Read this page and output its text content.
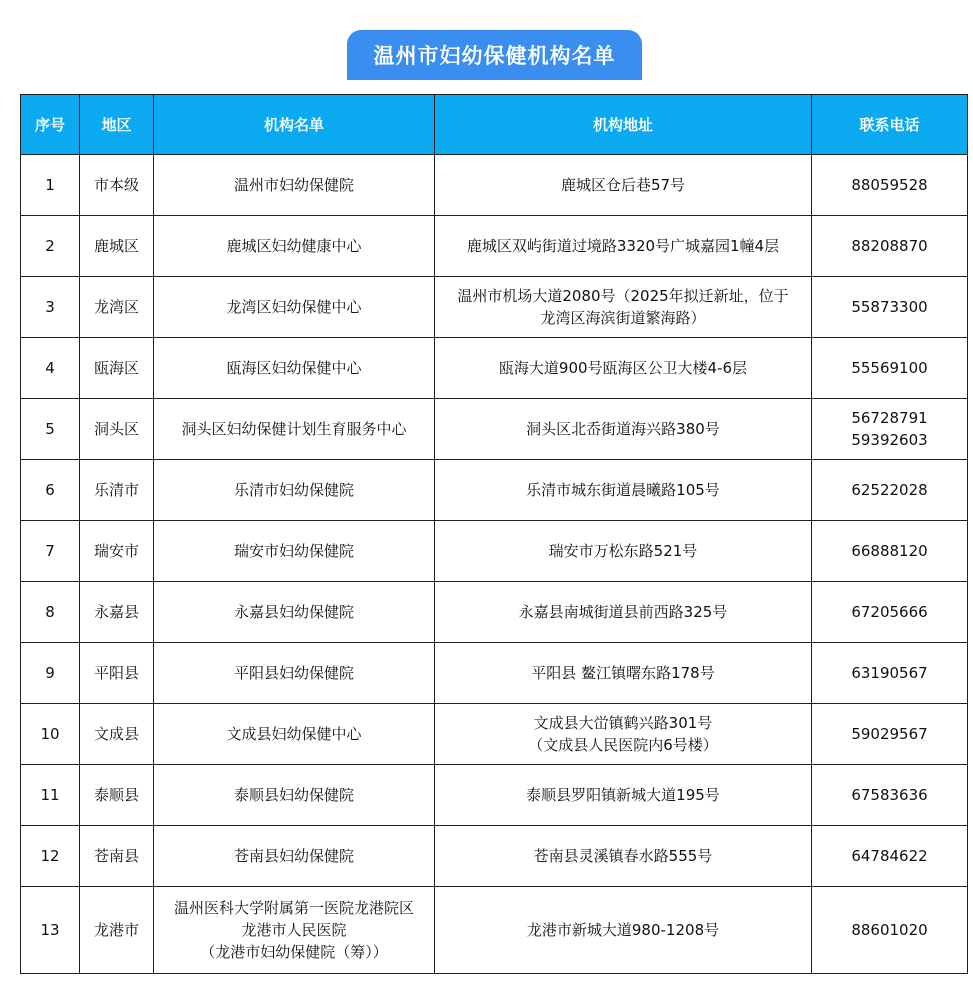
温州市妇幼保健机构名单
序号	地区	机构名单	机构地址	联系电话
1	市本级	温州市妇幼保健院	鹿城区仓后巷57号	88059528

2	鹿城区	鹿城区妇幼健康中心	鹿城区双屿街道过境路3320号广城嘉园1幢4层	88208870

3	龙湾区	龙湾区妇幼保健中心	温州市机场大道2080号（2025年拟迁新址，位于
龙湾区海滨街道繁海路）	55873300

4	瓯海区	瓯海区妇幼保健中心	瓯海大道900号瓯海区公卫大楼4-6层	55569100

5	洞头区	洞头区妇幼保健计划生育服务中心	洞头区北岙街道海兴路380号	56728791
59392603

6	乐清市	乐清市妇幼保健院	乐清市城东街道晨曦路105号	62522028

7	瑞安市	瑞安市妇幼保健院	瑞安市万松东路521号	66888120

8	永嘉县	永嘉县妇幼保健院	永嘉县南城街道县前西路325号	67205666

9	平阳县	平阳县妇幼保健院	平阳县 鳌江镇曙东路178号	63190567

10	文成县	文成县妇幼保健中心	文成县大峃镇鹤兴路301号
（文成县人民医院内6号楼）	59029567

11	泰顺县	泰顺县妇幼保健院	泰顺县罗阳镇新城大道195号	67583636

12	苍南县	苍南县妇幼保健院	苍南县灵溪镇春水路555号	64784622

13	龙港市	温州医科大学附属第一医院龙港院区
龙港市人民医院
（龙港市妇幼保健院（筹））	龙港市新城大道980-1208号	88601020
